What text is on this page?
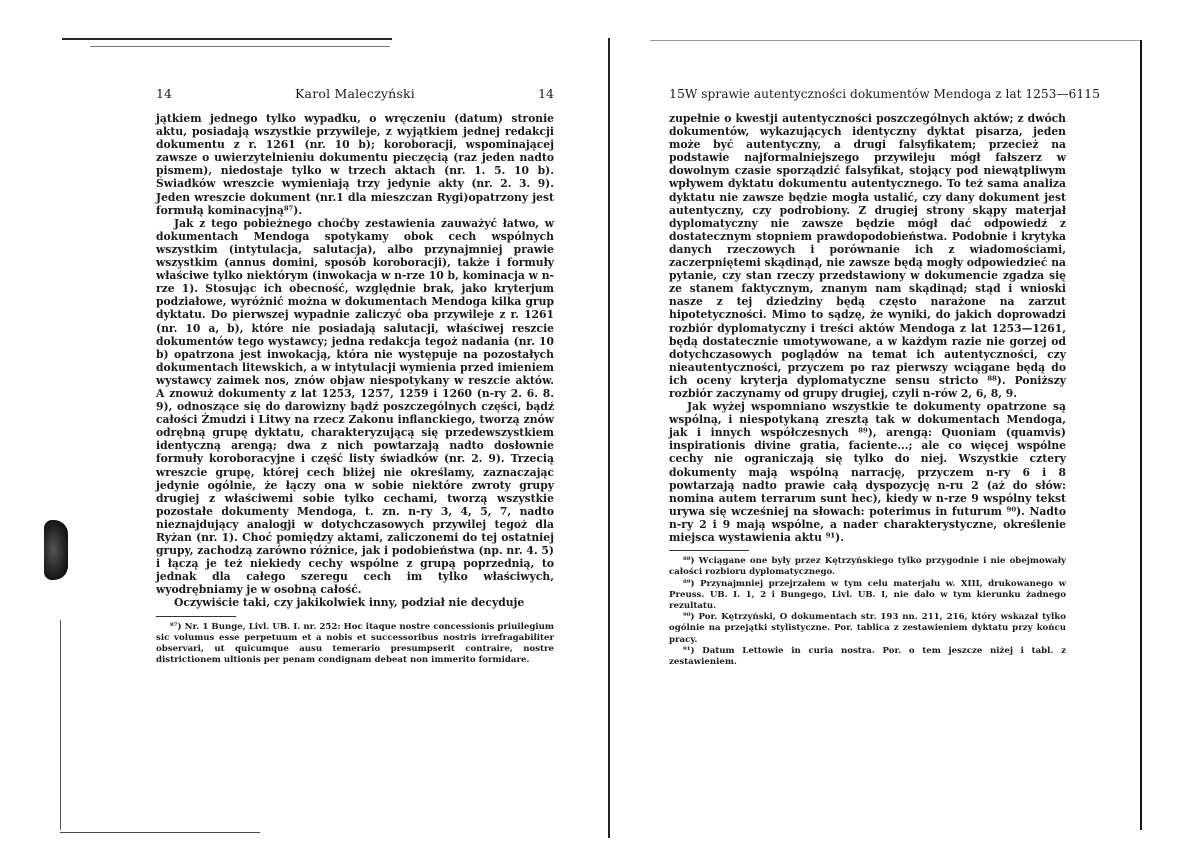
14	Karol Maleczyński	14

jątkiem jednego tylko wypadku, o wręczeniu (datum) stronie aktu, posiadają wszystkie przywileje, z wyjątkiem jednej redakcji dokumentu z r. 1261 (nr. 10 b); koroboracji, wspominającej zawsze o uwierzytelnieniu dokumentu pieczęcią (raz jeden nadto pismem), niedostaje tylko w trzech aktach (nr. 1. 5. 10 b). Świadków wreszcie wymieniają trzy jedynie akty (nr. 2. 3. 9). Jeden wreszcie dokument (nr.1 dla mieszczan Rygi)opatrzony jest formułą kominacyjną⁸⁷).

Jak z tego pobieżnego choćby zestawienia zauważyć łatwo, w dokumentach Mendoga spotykamy obok cech wspólnych wszystkim (intytulacja, salutacja), albo przynajmniej prawie wszystkim (annus domini, sposób koroboracji), także i formuły właściwe tylko niektórym (inwokacja w n-rze 10 b, kominacja w n-rze 1). Stosując ich obecność, względnie brak, jako kryterjum podziałowe, wyróżnić można w dokumentach Mendoga kilka grup dyktatu. Do pierwszej wypadnie zaliczyć oba przywileje z r. 1261 (nr. 10 a, b), które nie posiadają salutacji, właściwej reszcie dokumentów tego wystawcy; jedna redakcja tegoż nadania (nr. 10 b) opatrzona jest inwokacją, która nie występuje na pozostałych dokumentach litewskich, a w intytulacji wymienia przed imieniem wystawcy zaimek nos, znów objaw niespotykany w reszcie aktów. A znowuż dokumenty z lat 1253, 1257, 1259 i 1260 (n-ry 2. 6. 8. 9), odnoszące się do darowizny bądź poszczególnych części, bądź całości Żmudzi i Litwy na rzecz Zakonu inflanckiego, tworzą znów odrębną grupę dyktatu, charakteryzującą się przedewszystkiem identyczną arengą; dwa z nich powtarzają nadto dosłownie formuły koroboracyjne i część listy świadków (nr. 2. 9). Trzecią wreszcie grupę, której cech bliżej nie określamy, zaznaczając jedynie ogólnie, że łączy ona w sobie niektóre zwroty grupy drugiej z właściwemi sobie tylko cechami, tworzą wszystkie pozostałe dokumenty Mendoga, t. zn. n-ry 3, 4, 5, 7, nadto nieznajdujący analogji w dotychczasowych przywilej tegoż dla Ryżan (nr. 1). Choć pomiędzy aktami, zaliczonemi do tej ostatniej grupy, zachodzą zarówno różnice, jak i podobieństwa (np. nr. 4. 5) i łączą je też niekiedy cechy wspólne z grupą poprzednią, to jednak dla całego szeregu cech im tylko właściwych, wyodrębniamy je w osobną całość.

Oczywiście taki, czy jakikolwiek inny, podział nie decyduje

⁸⁷) Nr. 1 Bunge, Livl. UB. I. nr. 252: Hoc itaque nostre concessionis priuilegium sic volumus esse perpetuum et a nobis et successoribus nostris irrefragabiliter observari, ut quicumque ausu temerario presumpserit contraire, nostre districtionem ultionis per penam condignam debeat non immerito formidare.

15 W sprawie autentyczności dokumentów Mendoga z lat 1253—61 15

zupełnie o kwestji autentyczności poszczególnych aktów; z dwóch dokumentów, wykazujących identyczny dyktat pisarza, jeden może być autentyczny, a drugi falsyfikatem; przecież na podstawie najformalniejszego przywileju mógł fałszerz w dowolnym czasie sporządzić falsyfikat, stojący pod niewątpliwym wpływem dyktatu dokumentu autentycznego. To też sama analiza dyktatu nie zawsze będzie mogła ustalić, czy dany dokument jest autentyczny, czy podrobiony. Z drugiej strony skąpy materjał dyplomatyczny nie zawsze będzie mógł dać odpowiedź z dostatecznym stopniem prawdopodobieństwa. Podobnie i krytyka danych rzeczowych i porównanie ich z wiadomościami, zaczerpniętemi skądinąd, nie zawsze będą mogły odpowiedzieć na pytanie, czy stan rzeczy przedstawiony w dokumencie zgadza się ze stanem faktycznym, znanym nam skądinąd; stąd i wnioski nasze z tej dziedziny będą często narażone na zarzut hipotetyczności. Mimo to sądzę, że wyniki, do jakich doprowadzi rozbiór dyplomatyczny i treści aktów Mendoga z lat 1253—1261, będą dostatecznie umotywowane, a w każdym razie nie gorzej od dotychczasowych poglądów na temat ich autentyczności, czy nieautentyczności, przyczem po raz pierwszy wciągane będą do ich oceny kryterja dyplomatyczne sensu stricto ⁸⁸). Poniższy rozbiór zaczynamy od grupy drugiej, czyli n-rów 2, 6, 8, 9.

Jak wyżej wspomniano wszystkie te dokumenty opatrzone są wspólną, i niespotykaną zresztą tak w dokumentach Mendoga, jak i innych współczesnych ⁸⁹), arengą: Quoniam (quamvis) inspirationis divine gratia, faciente...; ale co więcej wspólne cechy nie ograniczają się tylko do niej. Wszystkie cztery dokumenty mają wspólną narrację, przyczem n-ry 6 i 8 powtarzają nadto prawie całą dyspozycję n-ru 2 (aż do słów: nomina autem terrarum sunt hec), kiedy w n-rze 9 wspólny tekst urywa się wcześniej na słowach: poterimus in futurum ⁹⁰). Nadto n-ry 2 i 9 mają wspólne, a nader charakterystyczne, określenie miejsca wystawienia aktu ⁹¹).

⁸⁸) Wciągane one były przez Kętrzyńskiego tylko przygodnie i nie obejmowały całości rozbioru dyplomatycznego.

⁸⁹) Przynajmniej przejrzałem w tym celu materjału w. XIII, drukowanego w Preuss. UB. I. 1, 2 i Bungego, Livl. UB. I, nie dało w tym kierunku żadnego rezultatu.

⁹⁰) Por. Kętrzyński, O dokumentach str. 193 nn. 211, 216, który wskazał tylko ogólnie na przejątki stylistyczne. Por. tablica z zestawieniem dyktatu przy końcu pracy.

⁹¹) Datum Lettowie in curia nostra. Por. o tem jeszcze niżej i tabl. z zestawieniem.
